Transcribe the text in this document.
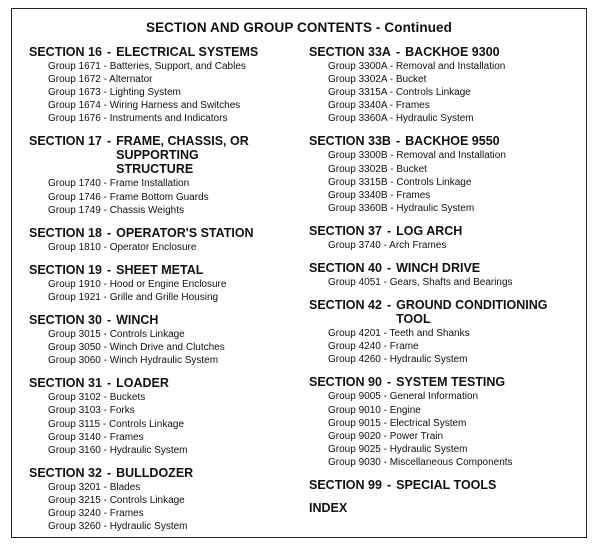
SECTION AND GROUP CONTENTS - Continued
SECTION 16 - ELECTRICAL SYSTEMS
Group 1671 - Batteries, Support, and Cables
Group 1672 - Alternator
Group 1673 - Lighting System
Group 1674 - Wiring Harness and Switches
Group 1676 - Instruments and Indicators
SECTION 17 - FRAME, CHASSIS, OR
SUPPORTING
STRUCTURE
Group 1740 - Frame Installation
Group 1746 - Frame Bottom Guards
Group 1749 - Chassis Weights
SECTION 18 - OPERATOR'S STATION
Group 1810 - Operator Enclosure
SECTION 19 - SHEET METAL
Group 1910 - Hood or Engine Enclosure
Group 1921 - Grille and Grille Housing
SECTION 30 - WINCH
Group 3015 - Controls Linkage
Group 3050 - Winch Drive and Clutches
Group 3060 - Winch Hydraulic System
SECTION 31 - LOADER
Group 3102 - Buckets
Group 3103 - Forks
Group 3115 - Controls Linkage
Group 3140 - Frames
Group 3160 - Hydraulic System
SECTION 32 - BULLDOZER
Group 3201 - Blades
Group 3215 - Controls Linkage
Group 3240 - Frames
Group 3260 - Hydraulic System
SECTION 33A - BACKHOE 9300
Group 3300A - Removal and Installation
Group 3302A - Bucket
Group 3315A - Controls Linkage
Group 3340A - Frames
Group 3360A - Hydraulic System
SECTION 33B - BACKHOE 9550
Group 3300B - Removal and Installation
Group 3302B - Bucket
Group 3315B - Controls Linkage
Group 3340B - Frames
Group 3360B - Hydraulic System
SECTION 37 - LOG ARCH
Group 3740 - Arch Frames
SECTION 40 - WINCH DRIVE
Group 4051 - Gears, Shafts and Bearings
SECTION 42 - GROUND CONDITIONING
TOOL
Group 4201 - Teeth and Shanks
Group 4240 - Frame
Group 4260 - Hydraulic System
SECTION 90 - SYSTEM TESTING
Group 9005 - General Information
Group 9010 - Engine
Group 9015 - Electrical System
Group 9020 - Power Train
Group 9025 - Hydraulic System
Group 9030 - Miscellaneous Components
SECTION 99 - SPECIAL TOOLS
INDEX
